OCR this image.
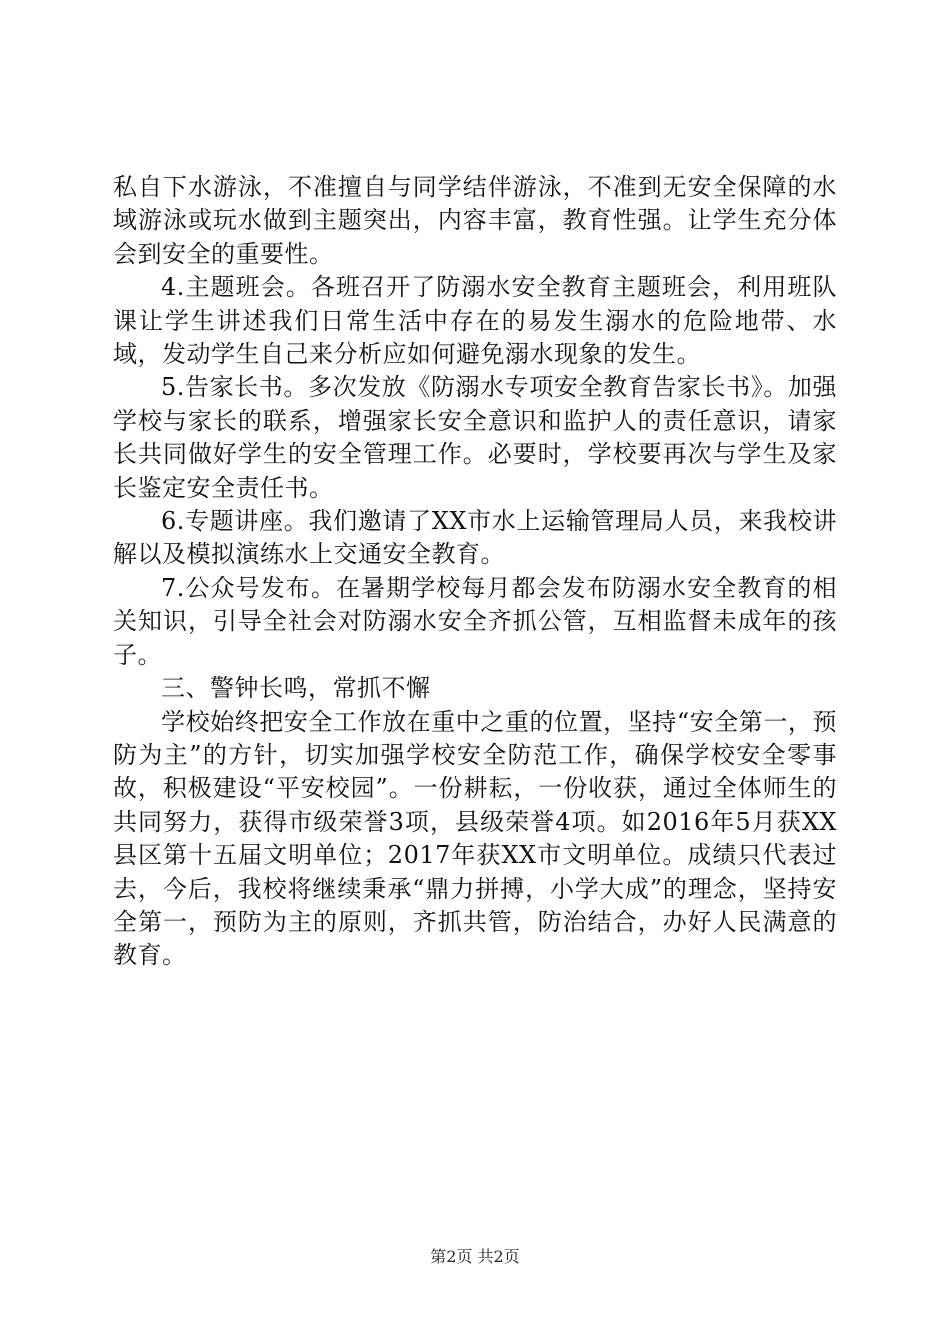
私自下水游泳，不准擅自与同学结伴游泳，不准到无安全保障的水域游泳或玩水做到主题突出，内容丰富，教育性强。让学生充分体会到安全的重要性。

4.主题班会。各班召开了防溺水安全教育主题班会，利用班队课让学生讲述我们日常生活中存在的易发生溺水的危险地带、水域，发动学生自己来分析应如何避免溺水现象的发生。

5.告家长书。多次发放《防溺水专项安全教育告家长书》。加强学校与家长的联系，增强家长安全意识和监护人的责任意识，请家长共同做好学生的安全管理工作。必要时，学校要再次与学生及家长鉴定安全责任书。

6.专题讲座。我们邀请了XX市水上运输管理局人员，来我校讲解以及模拟演练水上交通安全教育。

7.公众号发布。在暑期学校每月都会发布防溺水安全教育的相关知识，引导全社会对防溺水安全齐抓公管，互相监督未成年的孩子。

三、警钟长鸣，常抓不懈

学校始终把安全工作放在重中之重的位置，坚持“安全第一，预防为主”的方针，切实加强学校安全防范工作，确保学校安全零事故，积极建设“平安校园”。一份耕耘，一份收获，通过全体师生的共同努力，获得市级荣誉3项，县级荣誉4项。如2016年5月获XX县区第十五届文明单位；2017年获XX市文明单位。成绩只代表过去，今后，我校将继续秉承“鼎力拼搏，小学大成”的理念，坚持安全第一，预防为主的原则，齐抓共管，防治结合，办好人民满意的教育。

第2页 共2页
